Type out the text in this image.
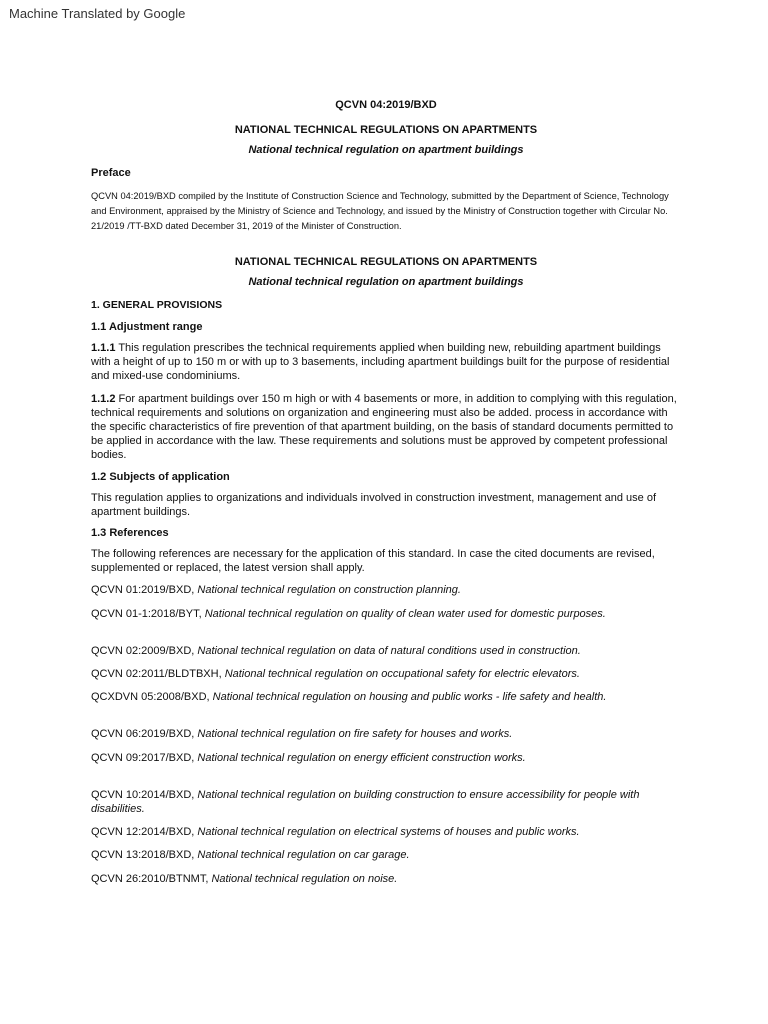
Machine Translated by Google
QCVN 04:2019/BXD
NATIONAL TECHNICAL REGULATIONS ON APARTMENTS
National technical regulation on apartment buildings
Preface

QCVN 04:2019/BXD compiled by the Institute of Construction Science and Technology, submitted by the Department of Science, Technology and Environment, appraised by the Ministry of Science and Technology, and issued by the Ministry of Construction together with Circular No. 21/2019 /TT-BXD dated December 31, 2019 of the Minister of Construction.

NATIONAL TECHNICAL REGULATIONS ON APARTMENTS
National technical regulation on apartment buildings
1. GENERAL PROVISIONS
1.1 Adjustment range

1.1.1 This regulation prescribes the technical requirements applied when building new, rebuilding apartment buildings with a height of up to 150 m or with up to 3 basements, including apartment buildings built for the purpose of residential and mixed-use condominiums.

1.1.2 For apartment buildings over 150 m high or with 4 basements or more, in addition to complying with this regulation, technical requirements and solutions on organization and engineering must also be added. process in accordance with the specific characteristics of fire prevention of that apartment building, on the basis of standard documents permitted to be applied in accordance with the law. These requirements and solutions must be approved by competent professional bodies.

1.2 Subjects of application

This regulation applies to organizations and individuals involved in construction investment, management and use of apartment buildings.

1.3 References

The following references are necessary for the application of this standard. In case the cited documents are revised, supplemented or replaced, the latest version shall apply.

QCVN 01:2019/BXD, National technical regulation on construction planning.
QCVN 01-1:2018/BYT, National technical regulation on quality of clean water used for domestic purposes.
QCVN 02:2009/BXD, National technical regulation on data of natural conditions used in construction.
QCVN 02:2011/BLDTBXH, National technical regulation on occupational safety for electric elevators.
QCXDVN 05:2008/BXD, National technical regulation on housing and public works - life safety and health.
QCVN 06:2019/BXD, National technical regulation on fire safety for houses and works.
QCVN 09:2017/BXD, National technical regulation on energy efficient construction works.
QCVN 10:2014/BXD, National technical regulation on building construction to ensure accessibility for people with disabilities.
QCVN 12:2014/BXD, National technical regulation on electrical systems of houses and public works.
QCVN 13:2018/BXD, National technical regulation on car garage.
QCVN 26:2010/BTNMT, National technical regulation on noise.
